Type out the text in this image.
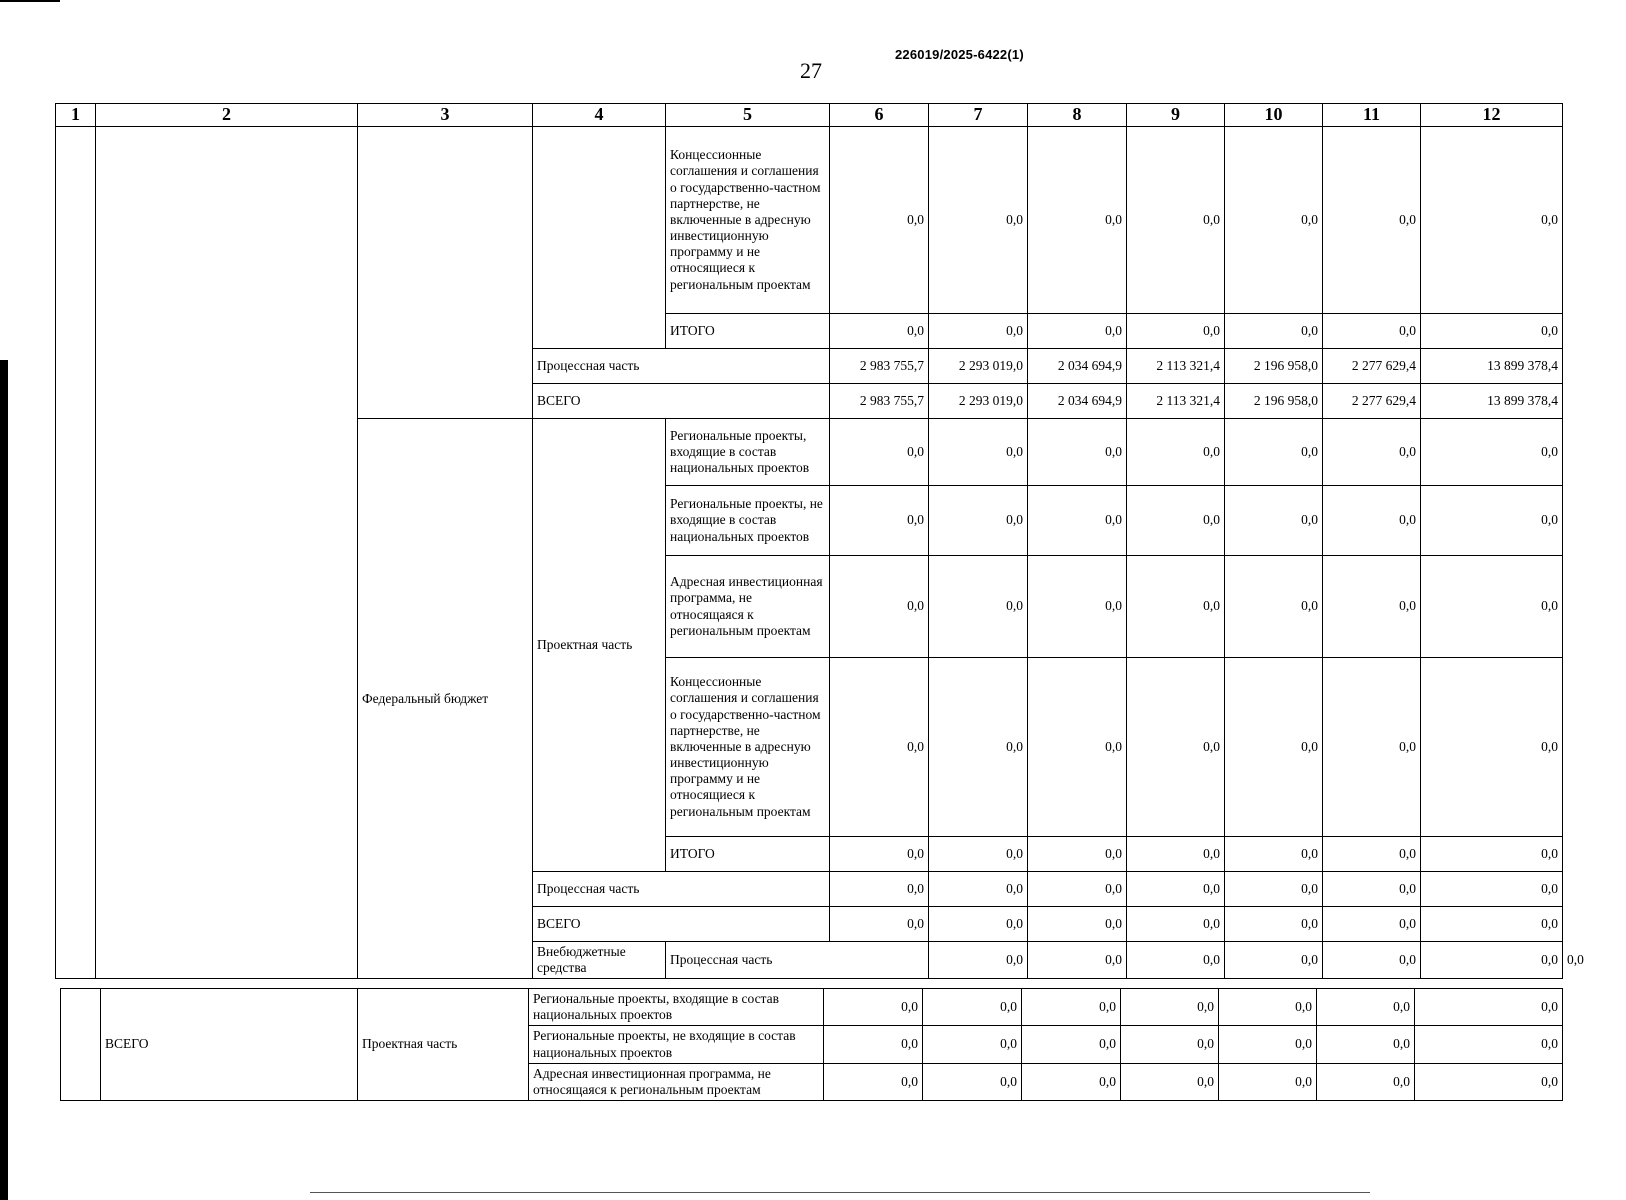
27
226019/2025-6422(1)
1	2	3	4	5	6	7	8	9	10	11	12	
				Концессионные соглашения и соглашения о государственно-частном партнерстве, не включенные в адресную инвестиционную программу и не относящиеся к региональным проектам	0,0	0,0	0,0	0,0	0,0	0,0	0,0	
				ИТОГО	0,0	0,0	0,0	0,0	0,0	0,0	0,0	
			Процессная часть		2 983 755,7	2 293 019,0	2 034 694,9	2 113 321,4	2 196 958,0	2 277 629,4	13 899 378,4	
			ВСЕГО		2 983 755,7	2 293 019,0	2 034 694,9	2 113 321,4	2 196 958,0	2 277 629,4	13 899 378,4	
		Федеральный бюджет	Проектная часть	Региональные проекты, входящие в состав национальных проектов	0,0	0,0	0,0	0,0	0,0	0,0	0,0	
				Региональные проекты, не входящие в состав национальных проектов	0,0	0,0	0,0	0,0	0,0	0,0	0,0	
				Адресная инвестиционная программа, не относящаяся к региональным проектам	0,0	0,0	0,0	0,0	0,0	0,0	0,0	
				Концессионные соглашения и соглашения о государственно-частном партнерстве, не включенные в адресную инвестиционную программу и не относящиеся к региональным проектам	0,0	0,0	0,0	0,0	0,0	0,0	0,0	
				ИТОГО	0,0	0,0	0,0	0,0	0,0	0,0	0,0	
			Процессная часть		0,0	0,0	0,0	0,0	0,0	0,0	0,0	
			ВСЕГО		0,0	0,0	0,0	0,0	0,0	0,0	0,0	
			Внебюджетные средства	Процессная часть		0,0	0,0	0,0	0,0	0,0	0,0	0,0
	ВСЕГО	Проектная часть	Региональные проекты, входящие в состав национальных проектов	0,0	0,0	0,0	0,0	0,0	0,0	0,0
			Региональные проекты, не входящие в состав национальных проектов	0,0	0,0	0,0	0,0	0,0	0,0	0,0
			Адресная инвестиционная программа, не относящаяся к региональным проектам	0,0	0,0	0,0	0,0	0,0	0,0	0,0
